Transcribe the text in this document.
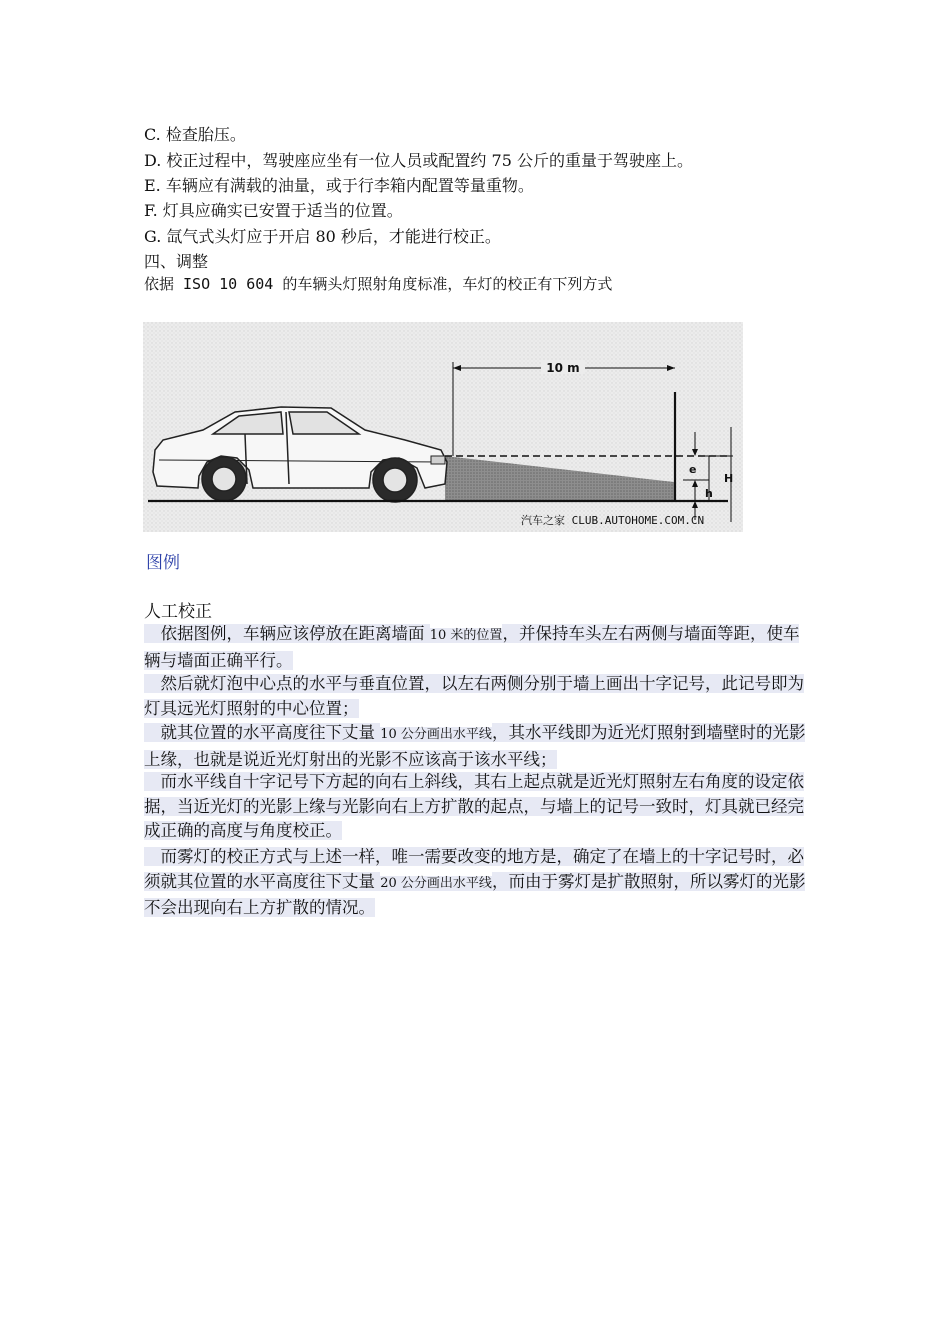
C. 检查胎压。
D. 校正过程中，驾驶座应坐有一位人员或配置约 75 公斤的重量于驾驶座上。
E. 车辆应有满载的油量，或于行李箱内配置等量重物。
F. 灯具应确实已安置于适当的位置。
G. 氙气式头灯应于开启 80 秒后，才能进行校正。
四、调整
依据 ISO 10 604 的车辆头灯照射角度标准，车灯的校正有下列方式
10 m
e
h
H
汽车之家 CLUB.AUTOHOME.COM.CN
图例
人工校正
　依据图例，车辆应该停放在距离墙面 10 米的位置，并保持车头左右两侧与墙面等距，使车辆与墙面正确平行。
　然后就灯泡中心点的水平与垂直位置，以左右两侧分别于墙上画出十字记号，此记号即为灯具远光灯照射的中心位置；
　就其位置的水平高度往下丈量 10 公分画出水平线，其水平线即为近光灯照射到墙壁时的光影上缘，也就是说近光灯射出的光影不应该高于该水平线；
　而水平线自十字记号下方起的向右上斜线，其右上起点就是近光灯照射左右角度的设定依据，当近光灯的光影上缘与光影向右上方扩散的起点，与墙上的记号一致时，灯具就已经完成正确的高度与角度校正。
　而雾灯的校正方式与上述一样，唯一需要改变的地方是，确定了在墙上的十字记号时，必须就其位置的水平高度往下丈量 20 公分画出水平线，而由于雾灯是扩散照射，所以雾灯的光影不会出现向右上方扩散的情况。
